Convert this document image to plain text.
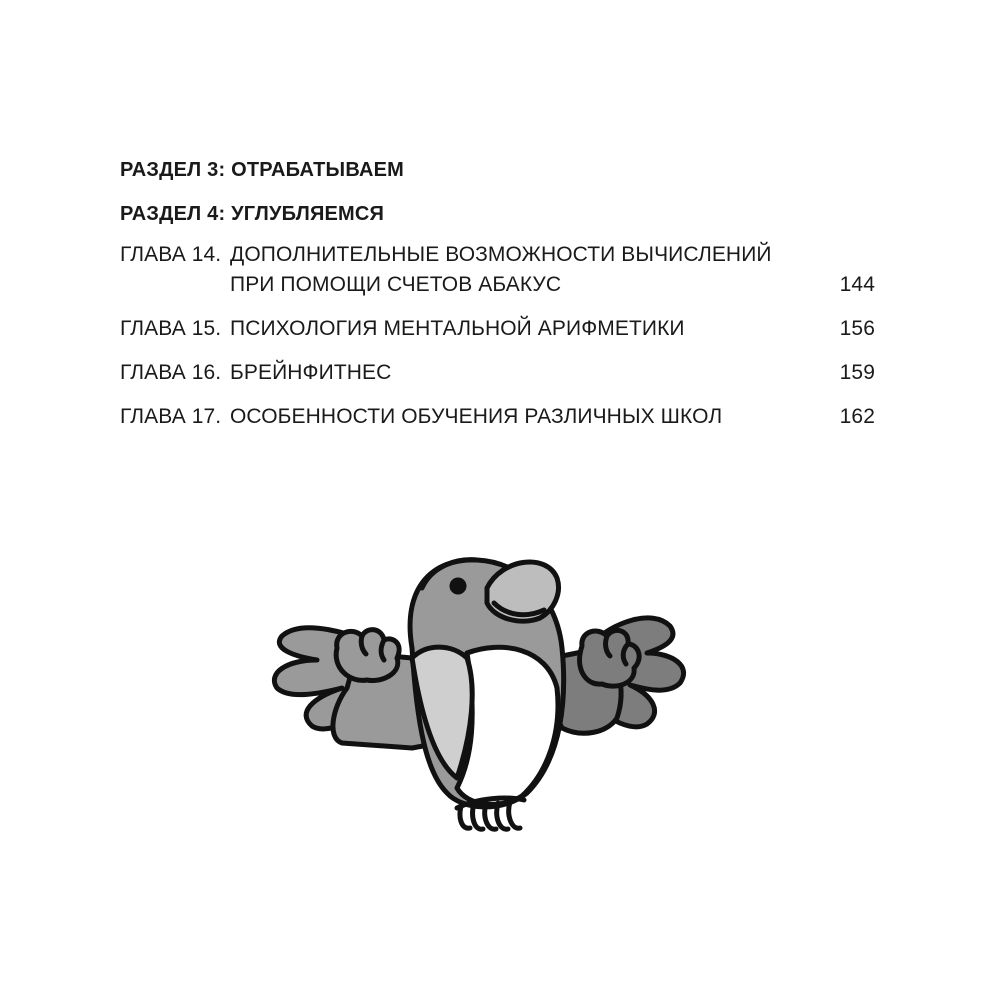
РАЗДЕЛ 3: ОТРАБАТЫВАЕМ
РАЗДЕЛ 4: УГЛУБЛЯЕМСЯ
ГЛАВА 14. ДОПОЛНИТЕЛЬНЫЕ ВОЗМОЖНОСТИ ВЫЧИСЛЕНИЙ
ПРИ ПОМОЩИ СЧЕТОВ АБАКУС	144
ГЛАВА 15. ПСИХОЛОГИЯ МЕНТАЛЬНОЙ АРИФМЕТИКИ	156
ГЛАВА 16. БРЕЙНФИТНЕС	159
ГЛАВА 17. ОСОБЕННОСТИ ОБУЧЕНИЯ РАЗЛИЧНЫХ ШКОЛ	162
